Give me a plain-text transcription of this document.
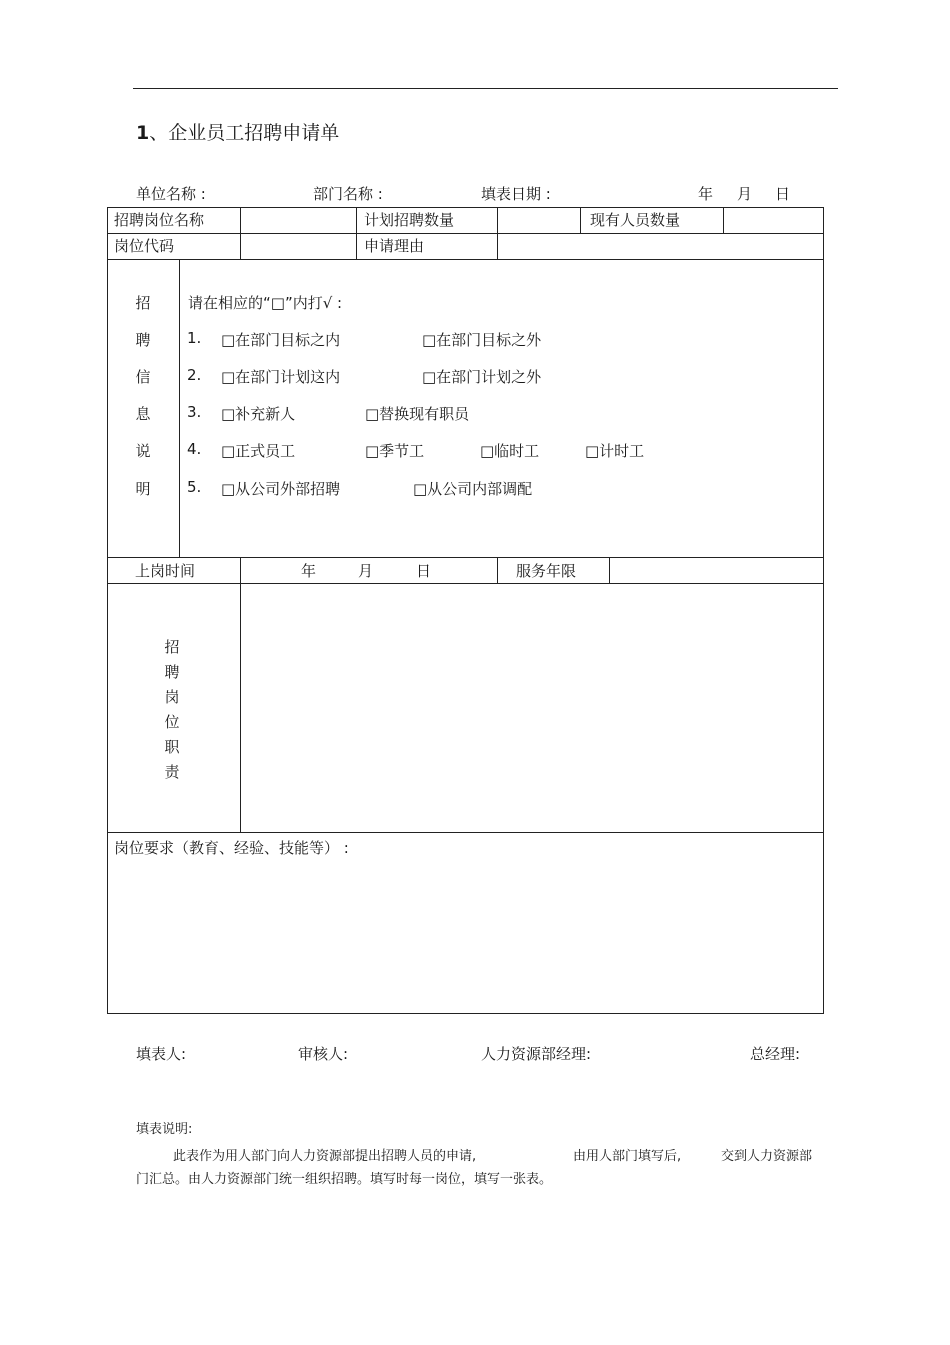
1、企业员工招聘申请单
单位名称 :	部门名称 :	填表日期 :	年 月 日
招聘岗位名称	计划招聘数量	现有人员数量
岗位代码	申请理由
招
聘
信
息
说
明
请在相应的“□”内打√ :
1. □在部门目标之内	□在部门目标之外
2. □在部门计划这内	□在部门计划之外
3. □补充新人	□替换现有职员
4. □正式员工	□季节工	□临时工	□计时工
5. □从公司外部招聘	□从公司内部调配
上岗时间	年	月	日	服务年限
招
聘
岗
位
职
责
岗位要求（教育、经验、技能等） :
填表人:	审核人:	人力资源部经理:	总经理:
填表说明:
此表作为用人部门向人力资源部提出招聘人员的申请,	由用人部门填写后,	交到人力资源部
门汇总。由人力资源部门统一组织招聘。填写时每一岗位，填写一张表。
